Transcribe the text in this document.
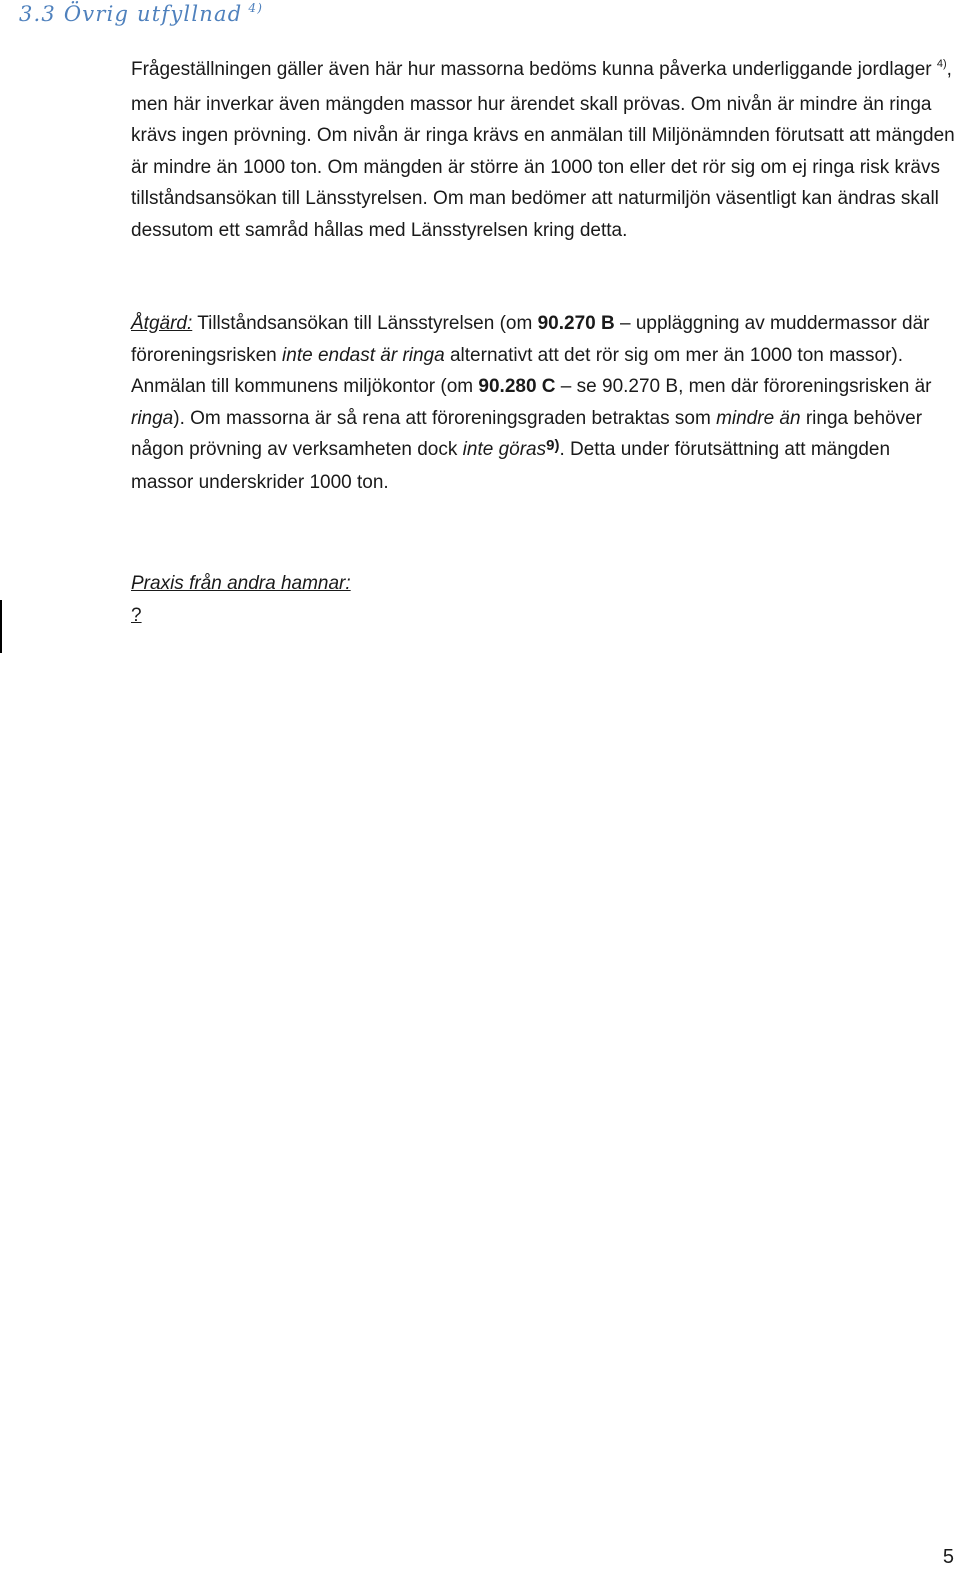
3.3 Övrig utfyllnad $^{4)}$

Frågeställningen gäller även här hur massorna bedöms kunna påverka underliggande jordlager $^{4)}$, men här inverkar även mängden massor hur ärendet skall prövas. Om nivån är mindre än ringa krävs ingen prövning. Om nivån är ringa krävs en anmälan till Miljönämnden förutsatt att mängden är mindre än 1000 ton. Om mängden är större än 1000 ton eller det rör sig om ej ringa risk krävs tillståndsansökan till Länsstyrelsen. Om man bedömer att naturmiljön väsentligt kan ändras skall dessutom ett samråd hållas med Länsstyrelsen kring detta.

Åtgärd: Tillståndsansökan till Länsstyrelsen (om 90.270 B – uppläggning av muddermassor där föroreningsrisken inte endast är ringa alternativt att det rör sig om mer än 1000 ton massor). Anmälan till kommunens miljökontor (om 90.280 C – se 90.270 B, men där föroreningsrisken är ringa). Om massorna är så rena att föroreningsgraden betraktas som mindre än ringa behöver någon prövning av verksamheten dock inte göras$^{9)}$. Detta under förutsättning att mängden massor underskrider 1000 ton.

Praxis från andra hamnar:
?
5
